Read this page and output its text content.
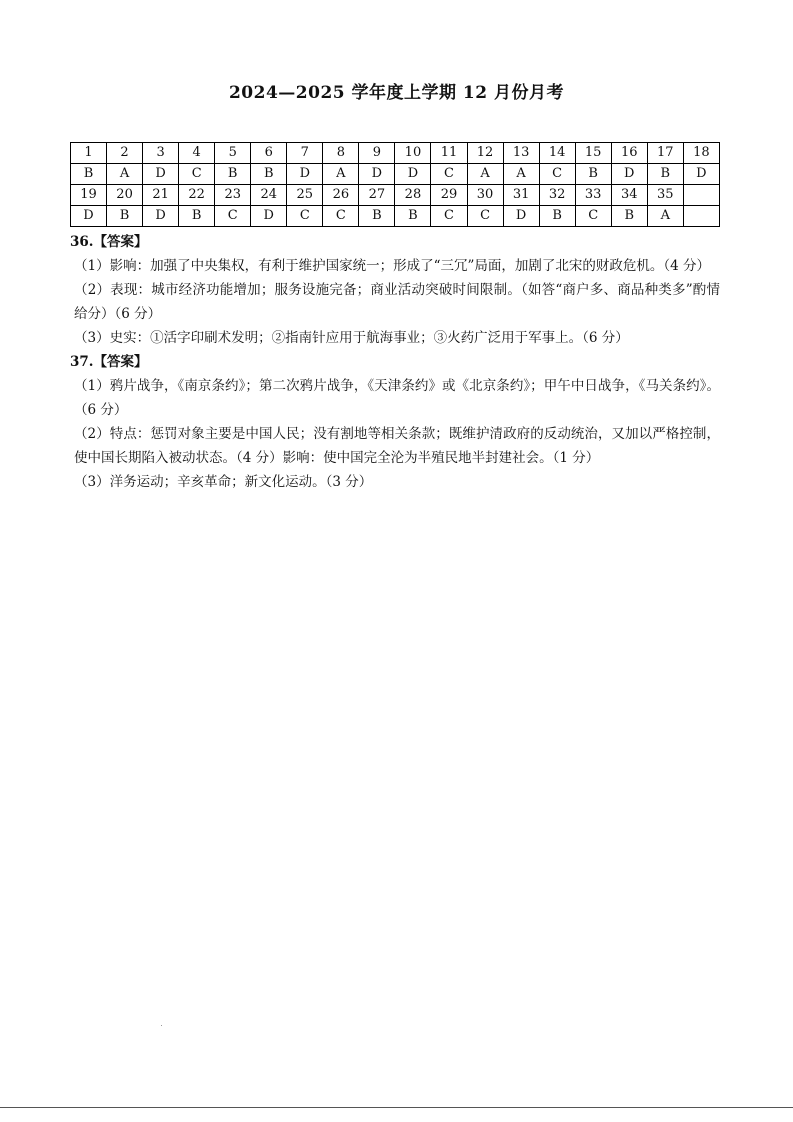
2024—2025 学年度上学期 12 月份月考
1	2	3	4	5	6	7	8	9	10	11	12	13	14	15	16	17	18
B	A	D	C	B	B	D	A	D	D	C	A	A	C	B	D	B	D
19	20	21	22	23	24	25	26	27	28	29	30	31	32	33	34	35	
D	B	D	B	C	D	C	C	B	B	C	C	D	B	C	B	A	

36.【答案】

（1）影响：加强了中央集权，有利于维护国家统一；形成了“三冗”局面，加剧了北宋的财政危机。（4 分）

（2）表现：城市经济功能增加；服务设施完备；商业活动突破时间限制。（如答“商户多、商品种类多”酌情给分）（6 分）

（3）史实：①活字印刷术发明；②指南针应用于航海事业；③火药广泛用于军事上。（6 分）

37.【答案】

（1）鸦片战争，《南京条约》；第二次鸦片战争，《天津条约》或《北京条约》；甲午中日战争，《马关条约》。（6 分）

（2）特点：惩罚对象主要是中国人民；没有割地等相关条款；既维护清政府的反动统治，又加以严格控制，使中国长期陷入被动状态。（4 分）影响：使中国完全沦为半殖民地半封建社会。（1 分）

（3）洋务运动；辛亥革命；新文化运动。（3 分）
